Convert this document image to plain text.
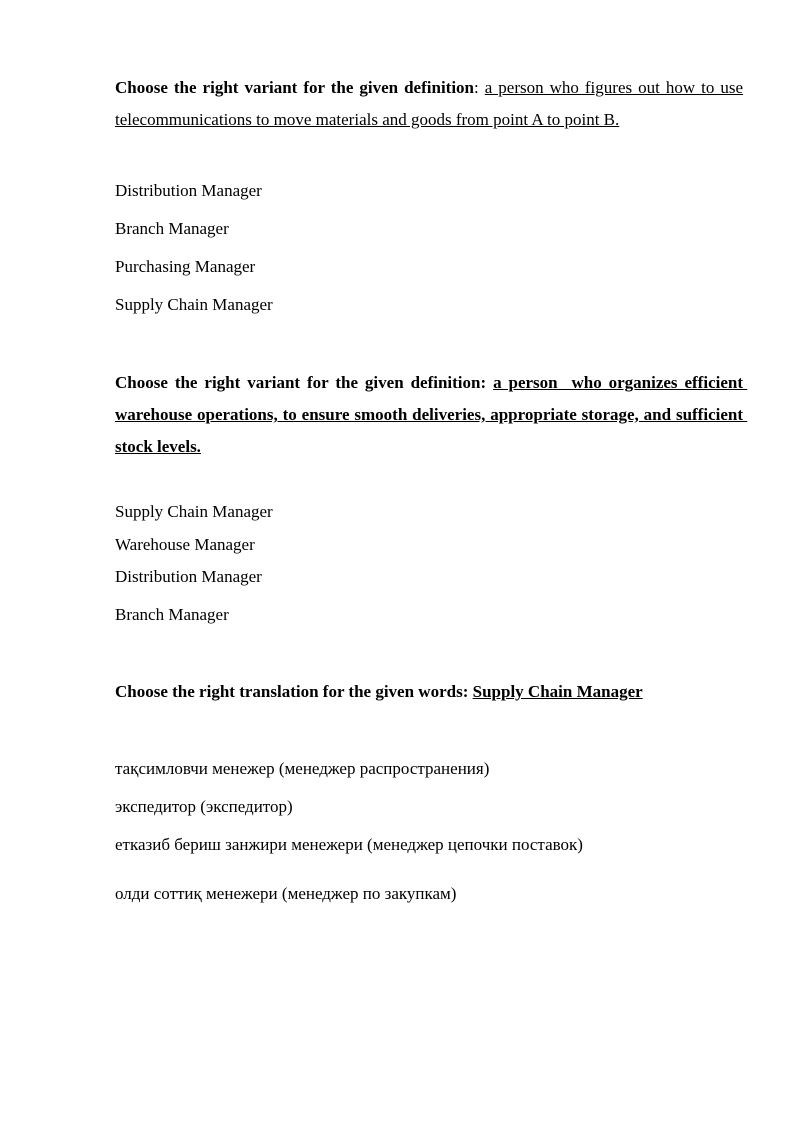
Choose the right variant for the given definition: a person who figures out how to use telecommunications to move materials and goods from point A to point B.

Distribution Manager

Branch Manager

Purchasing Manager

Supply Chain Manager

Choose the right variant for the given definition: a person  who organizes efficient warehouse operations, to ensure smooth deliveries, appropriate storage, and sufficient stock levels.

Supply Chain Manager

Warehouse Manager

Distribution Manager

Branch Manager

Choose the right translation for the given words: Supply Chain Manager

тақсимловчи менежер (менеджер распространения)

экспедитор (экспедитор)

етказиб бериш занжири менежери (менеджер цепочки поставок)

олди соттиқ менежери (менеджер по закупкам)
